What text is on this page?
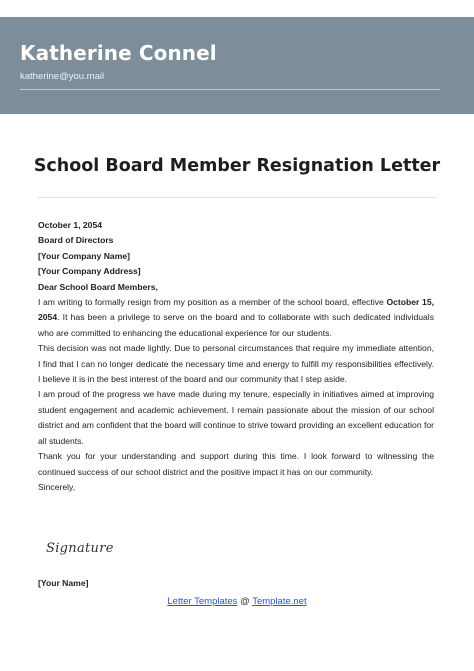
Katherine Connel
katherine@you.mail
School Board Member Resignation Letter
October 1, 2054
Board of Directors
[Your Company Name]
[Your Company Address]
Dear School Board Members,

I am writing to formally resign from my position as a member of the school board, effective October 15, 2054. It has been a privilege to serve on the board and to collaborate with such dedicated individuals who are committed to enhancing the educational experience for our students.

This decision was not made lightly. Due to personal circumstances that require my immediate attention, I find that I can no longer dedicate the necessary time and energy to fulfill my responsibilities effectively. I believe it is in the best interest of the board and our community that I step aside.

I am proud of the progress we have made during my tenure, especially in initiatives aimed at improving student engagement and academic achievement. I remain passionate about the mission of our school district and am confident that the board will continue to strive toward providing an excellent education for all students.

Thank you for your understanding and support during this time. I look forward to witnessing the continued success of our school district and the positive impact it has on our community.

Sincerely,
Signature
[Your Name]
Letter Templates @ Template.net
